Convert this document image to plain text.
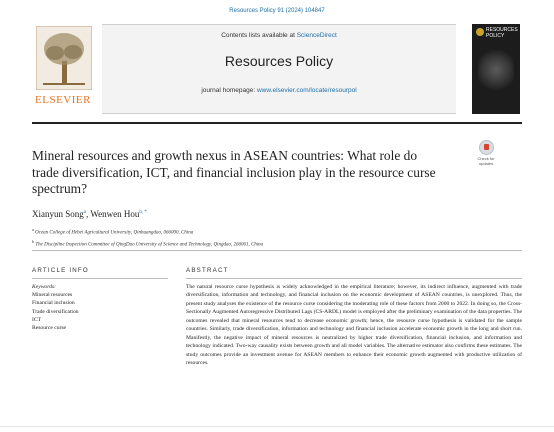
Resources Policy 91 (2024) 104847
ELSEVIER
Contents lists available at ScienceDirect
Resources Policy
journal homepage: www.elsevier.com/locate/resourpol
RESOURCES POLICY
Mineral resources and growth nexus in ASEAN countries: What role do trade diversification, ICT, and financial inclusion play in the resource curse spectrum?
Check for updates
Xianyun Song$^a$, Wenwen Hou$^{b, *}$
$^a$ Ocean College of Hebei Agricultural University, Qinhuangdao, 066000, China
$^b$ The Discipline Inspection Committee of QingDao University of Science and Technology, Qingdao, 266061, China
ARTICLE INFO	ABSTRACT
Keywords:
Mineral resources
Financial inclusion
Trade diversification
ICT
Resource curse

The natural resource curse hypothesis is widely acknowledged in the empirical literature; however, its indirect influence, augmented with trade diversification, information and technology, and financial inclusion on the economic development of ASEAN countries, is unexplored. Thus, the present study analyses the existence of the resource curse considering the moderating role of these factors from 2000 to 2022. In doing so, the Cross-Sectionally Augmented Autoregressive Distributed Lags (CS-ARDL) model is employed after the preliminary examination of the data properties. The outcomes revealed that mineral resources tend to decrease economic growth; hence, the resource curse hypothesis is validated for the sample countries. Similarly, trade diversification, information and technology and financial inclusion accelerate economic growth in the long and short run. Manifestly, the negative impact of mineral resources is neutralized by higher trade diversification, financial inclusion, and information and technology indicated. Two-way causality exists between growth and all model variables. The alternative estimator also confirms these estimates. The study outcomes provide an investment avenue for ASEAN members to enhance their economic growth augmented with productive utilization of resources.
